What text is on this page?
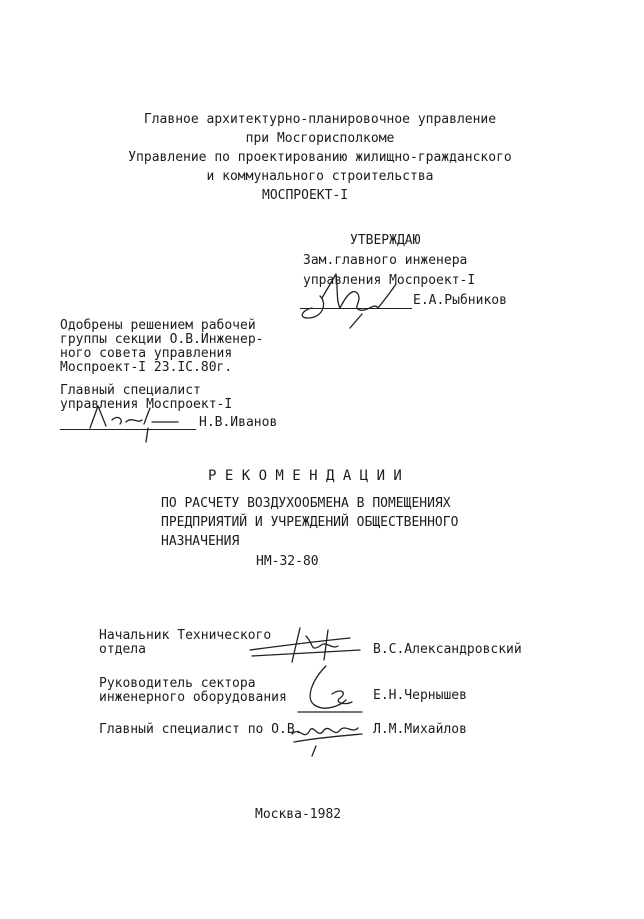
Главное архитектурно-планировочное управление
при Мосгорисполкоме
Управление по проектированию жилищно-гражданского
и коммунального строительства
МОСПРОЕКТ-I
УТВЕРЖДАЮ
Зам.главного инженера
управления Моспроект-I
Е.А.Рыбников
Одобрены решением рабочей
группы секции О.В.Инженер-
ного совета управления
Моспроект-I 23.IC.80г.
Главный специалист
управления Моспроект-I
Н.В.Иванов
Р Е К О М Е Н Д А Ц И И
ПО РАСЧЕТУ ВОЗДУХООБМЕНА В ПОМЕЩЕНИЯХ
ПРЕДПРИЯТИЙ И УЧРЕЖДЕНИЙ ОБЩЕСТВЕННОГО
НАЗНАЧЕНИЯ
НМ-32-80
Начальник Технического
отдела	В.С.Александровский
Руководитель сектора
инженерного оборудования	Е.Н.Чернышев
Главный специалист по О.В.	Л.М.Михайлов
Москва-1982
